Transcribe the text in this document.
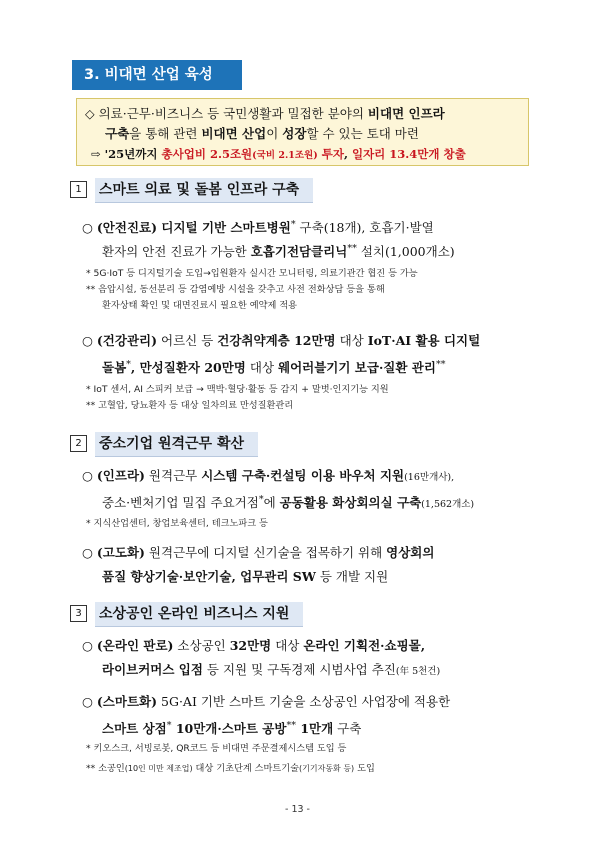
3. 비대면 산업 육성
◇ 의료·근무·비즈니스 등 국민생활과 밀접한 분야의 비대면 인프라
구축을 통해 관련 비대면 산업이 성장할 수 있는 토대 마련
⇨ '25년까지 총사업비 2.5조원(국비 2.1조원) 투자, 일자리 13.4만개 창출
1 스마트 의료 및 돌봄 인프라 구축
○ (안전진료) 디지털 기반 스마트병원* 구축(18개), 호흡기·발열
환자의 안전 진료가 가능한 호흡기전담클리닉** 설치(1,000개소)
* 5G·IoT 등 디지털기술 도입→입원환자 실시간 모니터링, 의료기관간 협진 등 가능
** 음압시설, 동선분리 등 감염예방 시설을 갖추고 사전 전화상담 등을 통해
환자상태 확인 및 대면진료시 필요한 예약제 적용
○ (건강관리) 어르신 등 건강취약계층 12만명 대상 IoT·AI 활용 디지털
돌봄*, 만성질환자 20만명 대상 웨어러블기기 보급·질환 관리**
* IoT 센서, AI 스피커 보급 → 맥박·혈당·활동 등 감지 + 말벗·인지기능 지원
** 고혈압, 당뇨환자 등 대상 일차의료 만성질환관리
2 중소기업 원격근무 확산
○ (인프라) 원격근무 시스템 구축·컨설팅 이용 바우처 지원(16만개사),
중소·벤처기업 밀집 주요거점*에 공동활용 화상회의실 구축(1,562개소)
* 지식산업센터, 창업보육센터, 테크노파크 등
○ (고도화) 원격근무에 디지털 신기술을 접목하기 위해 영상회의
품질 향상기술·보안기술, 업무관리 SW 등 개발 지원
3 소상공인 온라인 비즈니스 지원
○ (온라인 판로) 소상공인 32만명 대상 온라인 기획전·쇼핑몰,
라이브커머스 입점 등 지원 및 구독경제 시범사업 추진(年 5천건)
○ (스마트화) 5G·AI 기반 스마트 기술을 소상공인 사업장에 적용한
스마트 상점* 10만개·스마트 공방** 1만개 구축
* 키오스크, 서빙로봇, QR코드 등 비대면 주문결제시스템 도입 등
** 소공인(10인 미만 제조업) 대상 기초단계 스마트기술(기기자동화 등) 도입
- 13 -
